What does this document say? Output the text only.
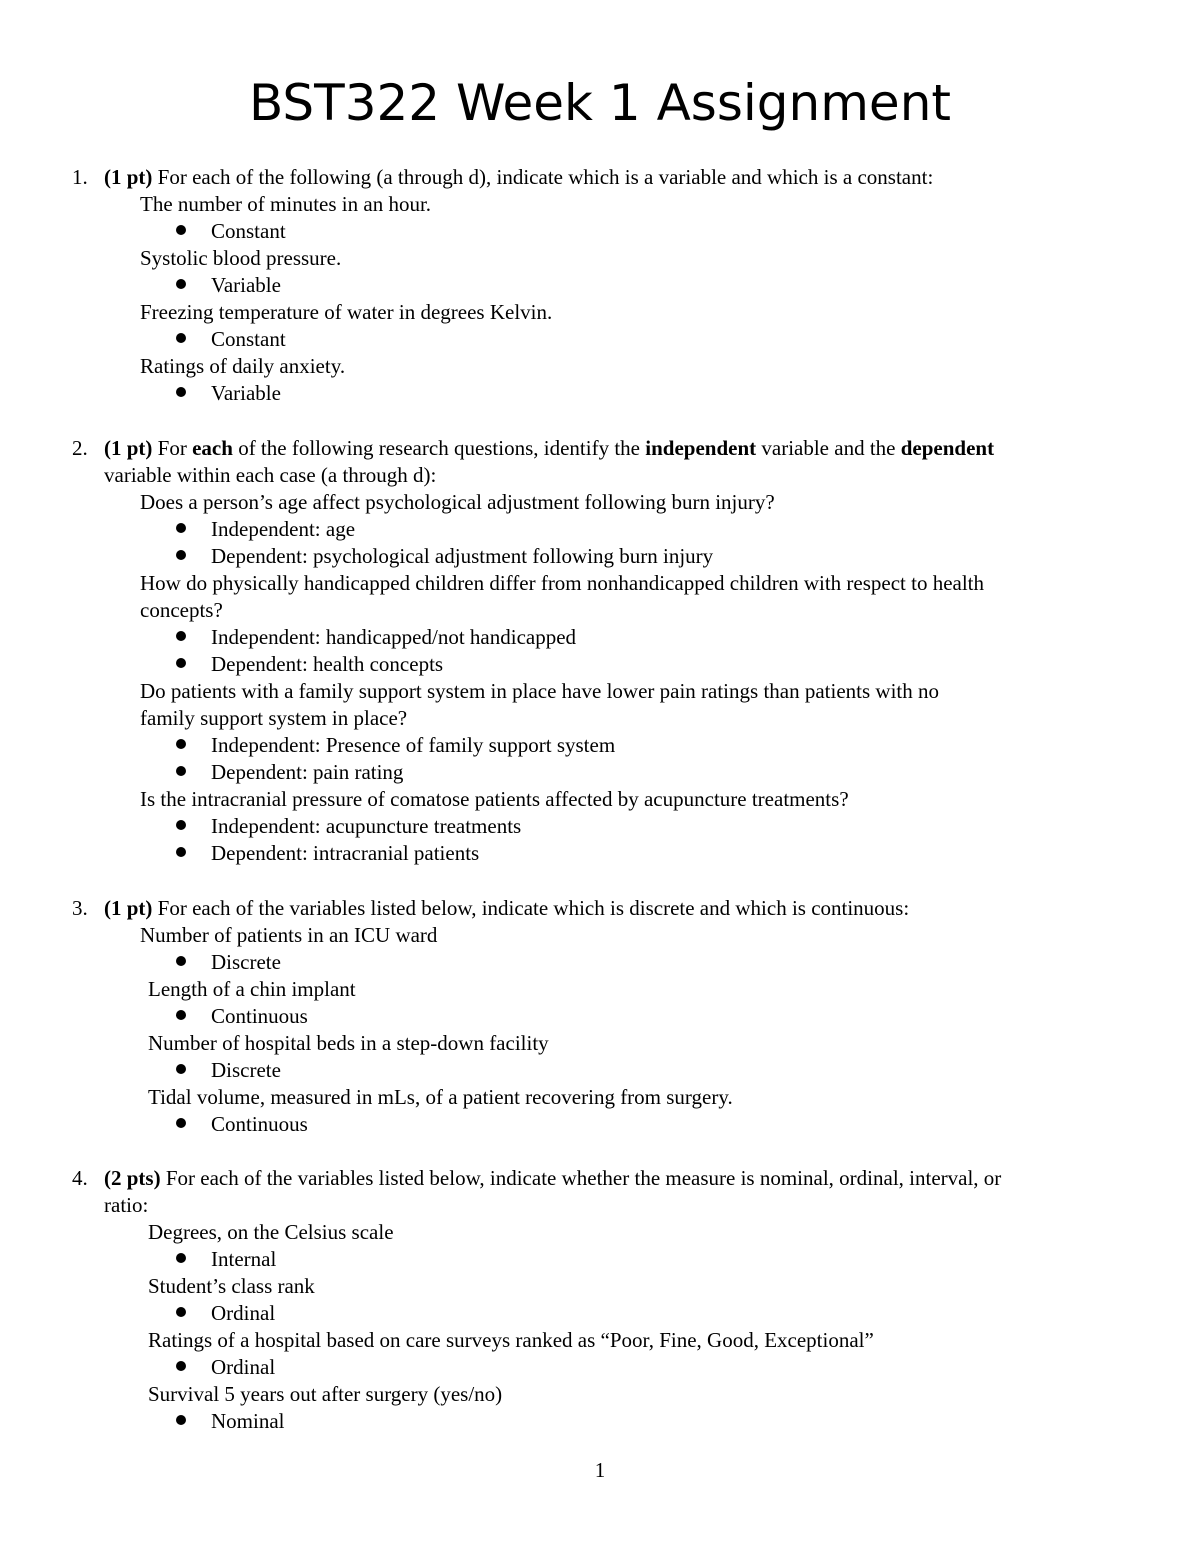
BST322 Week 1 Assignment
1. (1 pt) For each of the following (a through d), indicate which is a variable and which is a constant:
The number of minutes in an hour.
Constant
Systolic blood pressure.
Variable
Freezing temperature of water in degrees Kelvin.
Constant
Ratings of daily anxiety.
Variable
2. (1 pt) For each of the following research questions, identify the independent variable and the dependent
variable within each case (a through d):
Does a person’s age affect psychological adjustment following burn injury?
Independent: age
Dependent: psychological adjustment following burn injury
How do physically handicapped children differ from nonhandicapped children with respect to health
concepts?
Independent: handicapped/not handicapped
Dependent: health concepts
Do patients with a family support system in place have lower pain ratings than patients with no
family support system in place?
Independent: Presence of family support system
Dependent: pain rating
Is the intracranial pressure of comatose patients affected by acupuncture treatments?
Independent: acupuncture treatments
Dependent: intracranial patients
3. (1 pt) For each of the variables listed below, indicate which is discrete and which is continuous:
Number of patients in an ICU ward
Discrete
Length of a chin implant
Continuous
Number of hospital beds in a step-down facility
Discrete
Tidal volume, measured in mLs, of a patient recovering from surgery.
Continuous
4. (2 pts) For each of the variables listed below, indicate whether the measure is nominal, ordinal, interval, or
ratio:
Degrees, on the Celsius scale
Internal
Student’s class rank
Ordinal
Ratings of a hospital based on care surveys ranked as “Poor, Fine, Good, Exceptional”
Ordinal
Survival 5 years out after surgery (yes/no)
Nominal
1
